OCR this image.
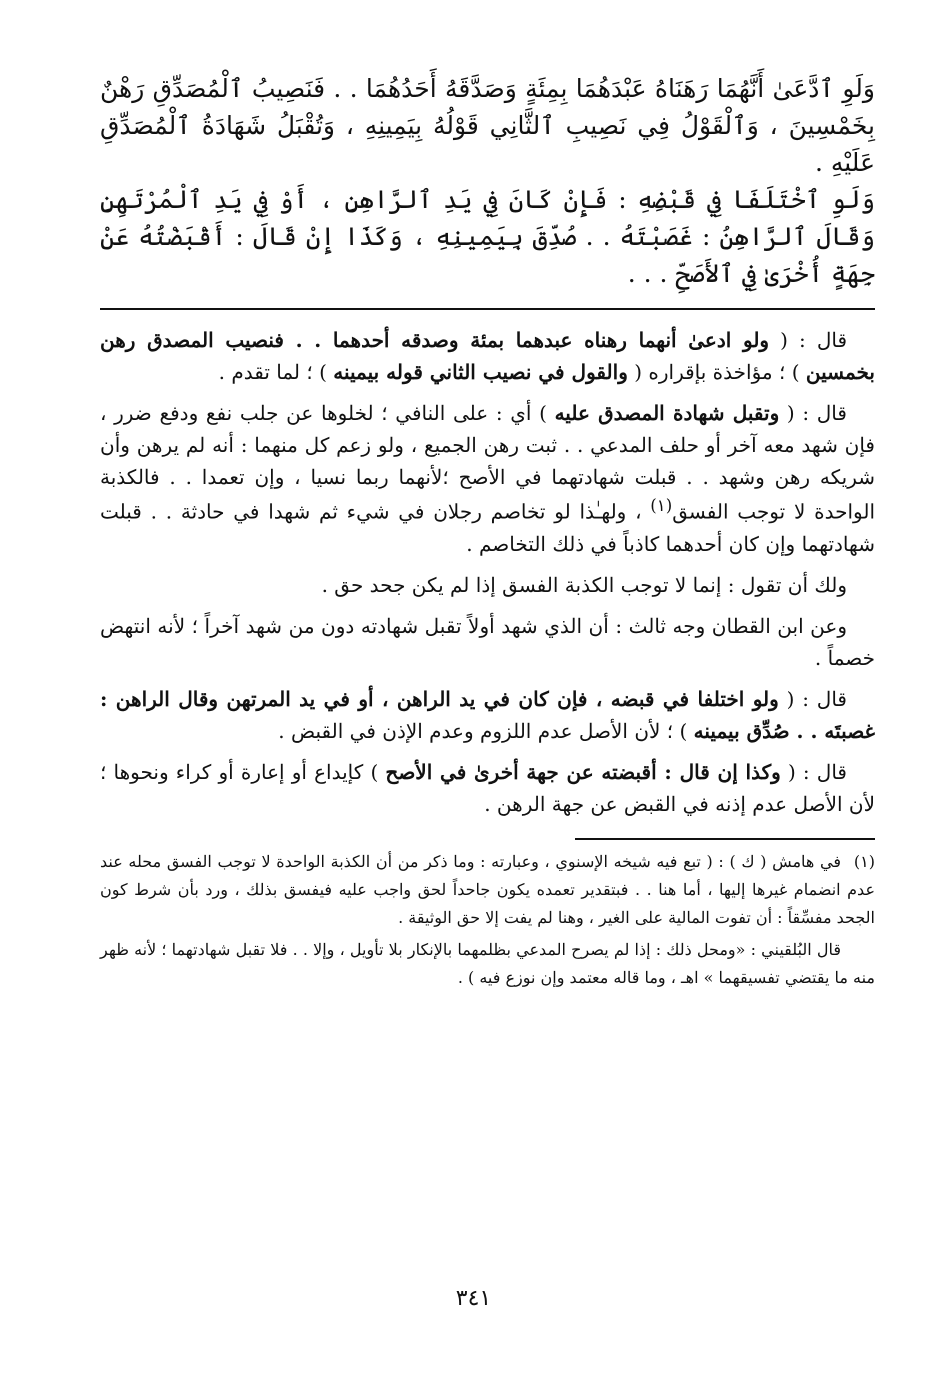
وَلَوِ ٱدَّعَىٰ أَنَّهُمَا رَهَنَاهُ عَبْدَهُمَا بِمِئَةٍ وَصَدَّقَهُ أَحَدُهُمَا . . فَنَصِيبُ ٱلْمُصَدِّقِ رَهْنٌ بِخَمْسِينَ ، وَٱلْقَوْلُ فِي نَصِيبِ ٱلثَّانِي قَوْلُهُ بِيَمِينِهِ ، وَتُقْبَلُ شَهَادَةُ ٱلْمُصَدِّقِ عَلَيْهِ .

وَلَوِ ٱخْتَلَفَا فِي قَبْضِهِ : فَإِنْ كَانَ فِي يَدِ ٱلرَّاهِنِ ، أَوْ فِي يَدِ ٱلْمُرْتَهِنِ وَقَالَ ٱلرَّاهِنُ : غَصَبْتَهُ . . صُدِّقَ بِيَمِينِهِ ، وَكَذَا إِنْ قَالَ : أَقْبَضْتُهُ عَنْ جِهَةٍ أُخْرَىٰ فِي ٱلأَصَحِّ . . .

قال : ( ولو ادعىٰ أنهما رهناه عبدهما بمئة وصدقه أحدهما . . فنصيب المصدق رهن بخمسين ) ؛ مؤاخذة بإقراره ( والقول في نصيب الثاني قوله بيمينه ) ؛ لما تقدم .

قال : ( وتقبل شهادة المصدق عليه ) أي : على النافي ؛ لخلوها عن جلب نفع ودفع ضرر ، فإن شهد معه آخر أو حلف المدعي . . ثبت رهن الجميع ، ولو زعم كل منهما : أنه لم يرهن وأن شريكه رهن وشهد . . قبلت شهادتهما في الأصح ؛لأنهما ربما نسيا ، وإن تعمدا . . فالكذبة الواحدة لا توجب الفسق$^{(١)}$ ، ولهـٰذا لو تخاصم رجلان في شيء ثم شهدا في حادثة . . قبلت شهادتهما وإن كان أحدهما كاذباً في ذلك التخاصم .

ولك أن تقول : إنما لا توجب الكذبة الفسق إذا لم يكن جحد حق .

وعن ابن القطان وجه ثالث : أن الذي شهد أولاً تقبل شهادته دون من شهد آخراً ؛ لأنه انتهض خصماً .

قال : ( ولو اختلفا في قبضه ، فإن كان في يد الراهن ، أو في يد المرتهن وقال الراهن : غصبتَه . . صُدِّق بيمينه ) ؛ لأن الأصل عدم اللزوم وعدم الإذن في القبض .

قال : ( وكذا إن قال : أقبضته عن جهة أخرىٰ في الأصح ) كإيداع أو إعارة أو كراء ونحوها ؛ لأن الأصل عدم إذنه في القبض عن جهة الرهن .

(١)في هامش ( ك ) : ( تبع فيه شيخه الإسنوي ، وعبارته : وما ذكر من أن الكذبة الواحدة لا توجب الفسق محله عند عدم انضمام غيرها إليها ، أما هنا . . فبتقدير تعمده يكون جاحداً لحق واجب عليه فيفسق بذلك ، ورد بأن شرط كون الجحد مفسِّقاً : أن تفوت المالية على الغير ، وهنا لم يفت إلا حق الوثيقة .

قال البُلقيني : «ومحل ذلك : إذا لم يصرح المدعي بظلمهما بالإنكار بلا تأويل ، وإلا . . فلا تقبل شهادتهما ؛ لأنه ظهر منه ما يقتضي تفسيقهما » اهـ ، وما قاله معتمد وإن نوزع فيه ) .

٣٤١
